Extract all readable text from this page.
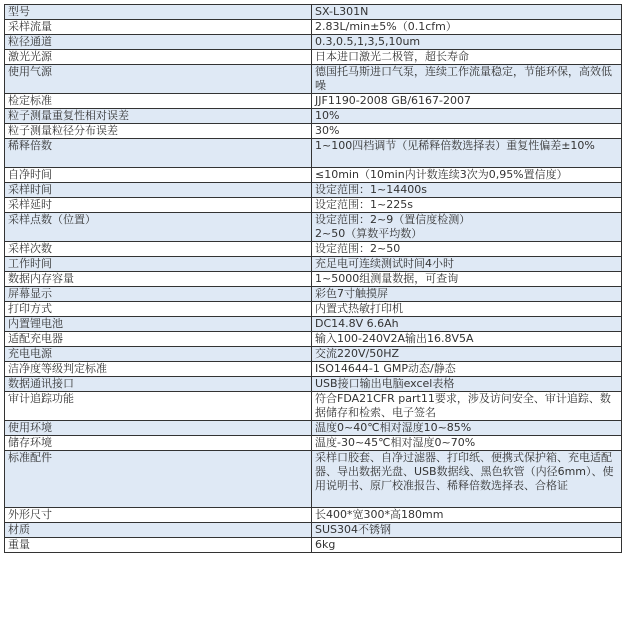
型号	SX-L301N
采样流量	2.83L/min±5%（0.1cfm）
粒径通道	0.3,0.5,1,3,5,10um
激光光源	日本进口激光二极管，超长寿命
使用气源	德国托马斯进口气泵，连续工作流量稳定，节能环保，高效低噪
检定标准	JJF1190-2008 GB/6167-2007
粒子测量重复性相对误差	10%
粒子测量粒径分布误差	30%
稀释倍数	1~100四档调节（见稀释倍数选择表）重复性偏差±10%
自净时间	≤10min（10min内计数连续3次为0,95%置信度）
采样时间	设定范围：1~14400s
采样延时	设定范围：1~225s
采样点数（位置）	设定范围：2~9（置信度检测）
2~50（算数平均数）
采样次数	设定范围：2~50
工作时间	充足电可连续测试时间4小时
数据内存容量	1~5000组测量数据，可查询
屏幕显示	彩色7寸触摸屏
打印方式	内置式热敏打印机
内置锂电池	DC14.8V 6.6Ah
适配充电器	输入100-240V2A输出16.8V5A
充电电源	交流220V/50HZ
洁净度等级判定标准	ISO14644-1 GMP动态/静态
数据通讯接口	USB接口输出电脑excel表格
审计追踪功能	符合FDA21CFR part11要求，涉及访问安全、审计追踪、数据储存和检索、电子签名
使用环境	温度0~40℃相对湿度10~85%
储存环境	温度-30~45℃相对湿度0~70%
标准配件	采样口胶套、自净过滤器、打印纸、便携式保护箱、充电适配器、导出数据光盘、USB数据线、黑色软管（内径6mm）、使用说明书、原厂校准报告、稀释倍数选择表、合格证
外形尺寸	长400*宽300*高180mm
材质	SUS304不锈钢
重量	6kg
